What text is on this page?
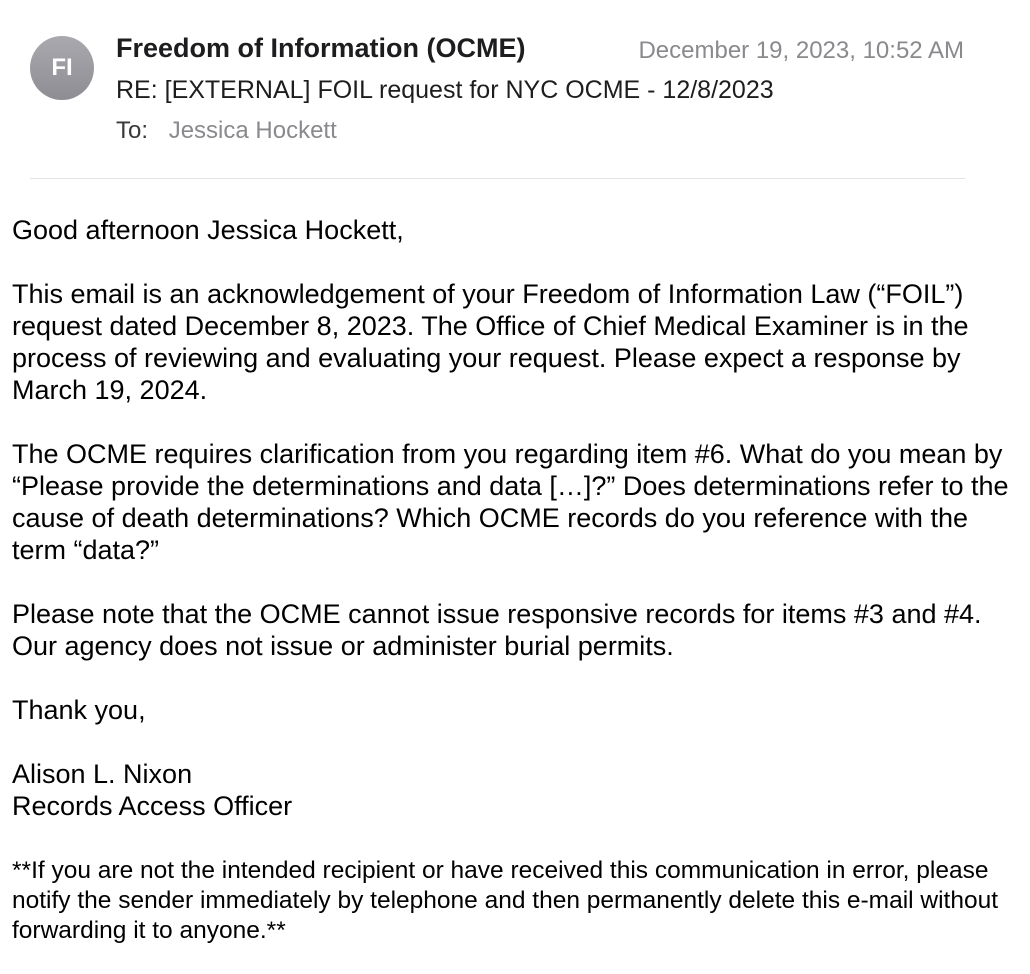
FI
Freedom of Information (OCME)	December 19, 2023, 10:52 AM
RE: [EXTERNAL] FOIL request for NYC OCME - 12/8/2023
To: Jessica Hockett

Good afternoon Jessica Hockett,

This email is an acknowledgement of your Freedom of Information Law (“FOIL”) request dated December 8, 2023. The Office of Chief Medical Examiner is in the process of reviewing and evaluating your request. Please expect a response by March 19, 2024.

The OCME requires clarification from you regarding item #6. What do you mean by “Please provide the determinations and data […]?” Does determinations refer to the cause of death determinations? Which OCME records do you reference with the term “data?”

Please note that the OCME cannot issue responsive records for items #3 and #4. Our agency does not issue or administer burial permits.

Thank you,

Alison L. Nixon

Records Access Officer

**If you are not the intended recipient or have received this communication in error, please notify the sender immediately by telephone and then permanently delete this e-mail without forwarding it to anyone.**
